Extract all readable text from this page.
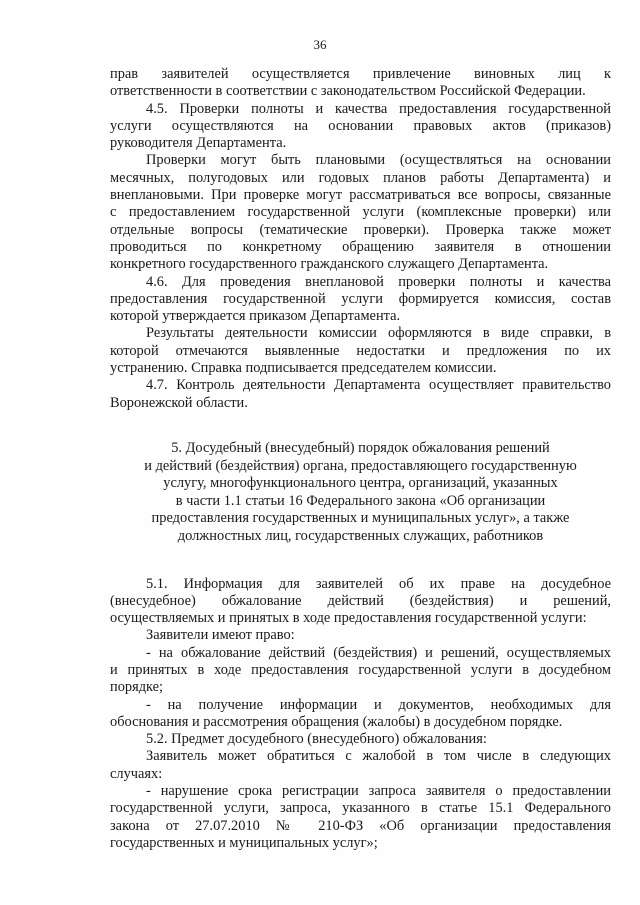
36

прав заявителей осуществляется привлечение виновных лиц к

ответственности в соответствии с законодательством Российской Федерации.

4.5. Проверки полноты и качества предоставления государственной

услуги осуществляются на основании правовых актов (приказов)

руководителя Департамента.

Проверки могут быть плановыми (осуществляться на основании

месячных, полугодовых или годовых планов работы Департамента) и

внеплановыми. При проверке могут рассматриваться все вопросы, связанные

с предоставлением государственной услуги (комплексные проверки) или

отдельные вопросы (тематические проверки). Проверка также может

проводиться по конкретному обращению заявителя в отношении

конкретного государственного гражданского служащего Департамента.

4.6. Для проведения внеплановой проверки полноты и качества

предоставления государственной услуги формируется комиссия, состав

которой утверждается приказом Департамента.

Результаты деятельности комиссии оформляются в виде справки, в

которой отмечаются выявленные недостатки и предложения по их

устранению. Справка подписывается председателем комиссии.

4.7. Контроль деятельности Департамента осуществляет правительство

Воронежской области.

5. Досудебный (внесудебный) порядок обжалования решений
и действий (бездействия) органа, предоставляющего государственную
услугу, многофункционального центра, организаций, указанных
в части 1.1 статьи 16 Федерального закона «Об организации
предоставления государственных и муниципальных услуг», а также
должностных лиц, государственных служащих, работников

5.1. Информация для заявителей об их праве на досудебное

(внесудебное) обжалование действий (бездействия) и решений,

осуществляемых и принятых в ходе предоставления государственной услуги:

Заявители имеют право:

- на обжалование действий (бездействия) и решений, осуществляемых

и принятых в ходе предоставления государственной услуги в досудебном

порядке;

- на получение информации и документов, необходимых для

обоснования и рассмотрения обращения (жалобы) в досудебном порядке.

5.2. Предмет досудебного (внесудебного) обжалования:

Заявитель может обратиться с жалобой в том числе в следующих

случаях:

- нарушение срока регистрации запроса заявителя о предоставлении

государственной услуги, запроса, указанного в статье 15.1 Федерального

закона от 27.07.2010 № 210-ФЗ «Об организации предоставления

государственных и муниципальных услуг»;
